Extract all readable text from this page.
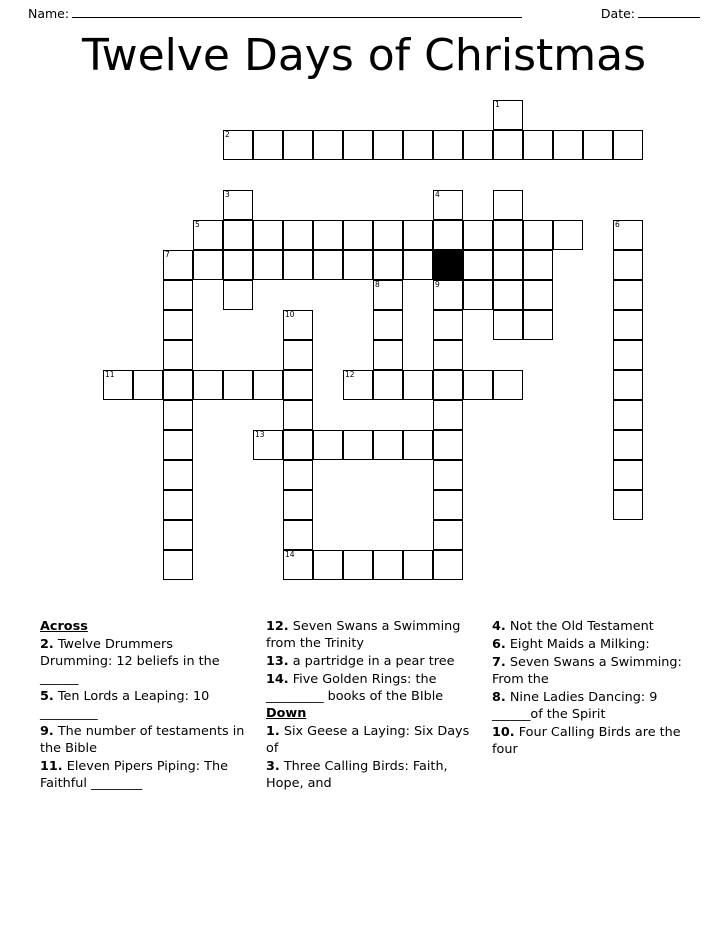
Name:	Date:
Twelve Days of Christmas
1
2
3	4
5	6
7
8	9
10
11	12
13
14
Across

2. Twelve Drummers Drumming: 12 beliefs in the ______

5. Ten Lords a Leaping: 10 _________

9. The number of testaments in the Bible

11. Eleven Pipers Piping: The Faithful ________

12. Seven Swans a Swimming from the Trinity

13. a partridge in a pear tree

14. Five Golden Rings: the _________ books of the BIble

Down

1. Six Geese a Laying: Six Days of

3. Three Calling Birds: Faith, Hope, and

4. Not the Old Testament

6. Eight Maids a Milking:

7. Seven Swans a Swimming: From the

8. Nine Ladies Dancing: 9 ______of the Spirit

10. Four Calling Birds are the four
